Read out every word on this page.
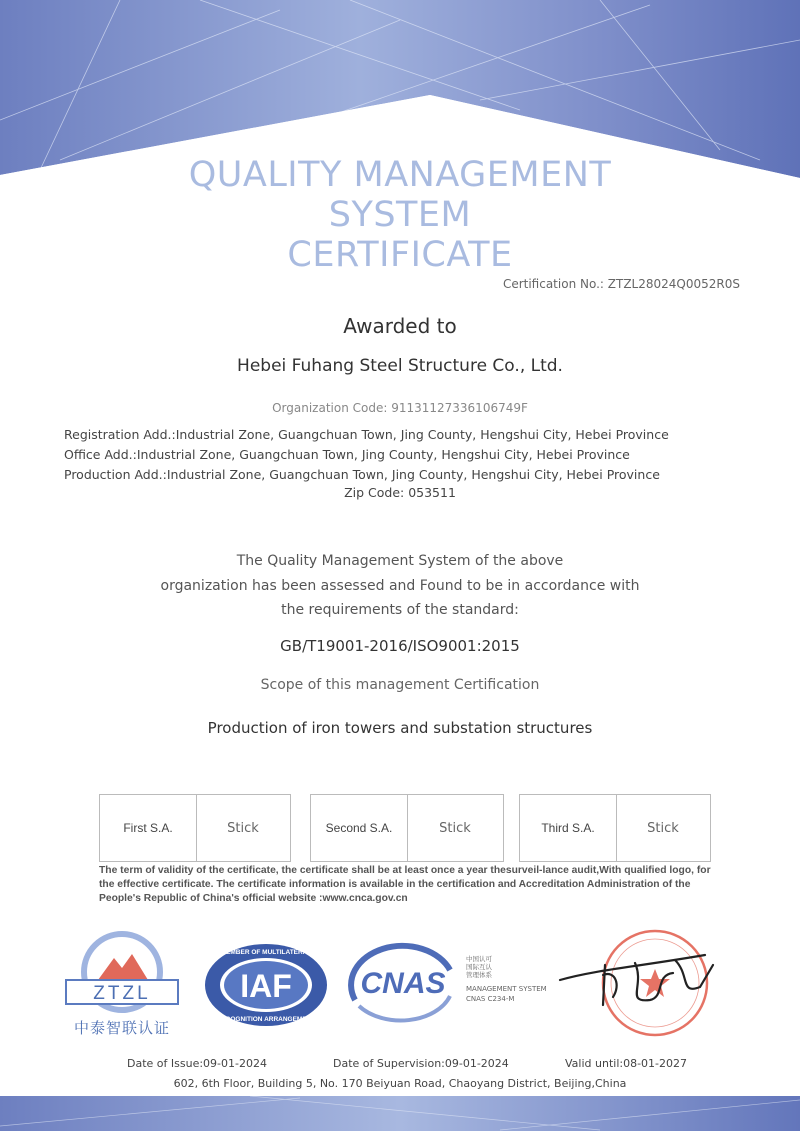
QUALITY MANAGEMENT
SYSTEM
CERTIFICATE
Certification No.: ZTZL28024Q0052R0S
Awarded to
Hebei Fuhang Steel Structure Co., Ltd.
Organization Code: 91131127336106749F
Registration Add.:Industrial Zone, Guangchuan Town, Jing County, Hengshui City, Hebei Province
Office Add.:Industrial Zone, Guangchuan Town, Jing County, Hengshui City, Hebei Province
Production Add.:Industrial Zone, Guangchuan Town, Jing County, Hengshui City, Hebei Province
Zip Code: 053511
The Quality Management System of the above
organization has been assessed and Found to be in accordance with
the requirements of the standard:
GB/T19001-2016/ISO9001:2015
Scope of this management Certification
Production of iron towers and substation structures
First S.A.	Stick	Second S.A.	Stick	Third S.A.	Stick
The term of validity of the certificate, the certificate shall be at least once a year thesurveil-lance audit,With qualified logo, for the effective certificate. The certificate information is available in the certification and Accreditation Administration of the People's Republic of China's official website :www.cnca.gov.cn
ZTZL
中泰智联认证
IAF
MEMBER OF MULTILATERAL
RECOGNITION ARRANGEMENT
CNAS
中国认可
国际互认
管理体系
MANAGEMENT SYSTEM
CNAS C234-M
Date of Issue:09-01-2024	Date of Supervision:09-01-2024	Valid until:08-01-2027
602, 6th Floor, Building 5, No. 170 Beiyuan Road, Chaoyang District, Beijing,China
